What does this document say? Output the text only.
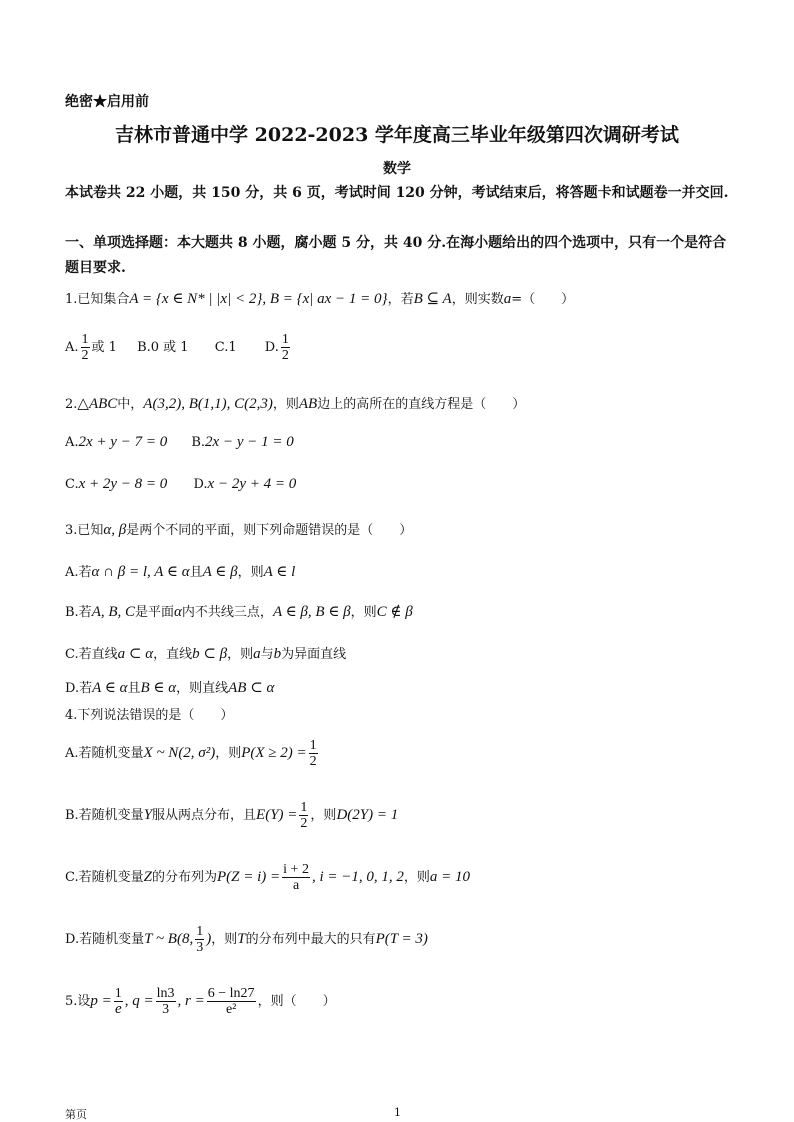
绝密★启用前
吉林市普通中学 2022-2023 学年度高三毕业年级第四次调研考试
数学
本试卷共 22 小题，共 150 分，共 6 页，考试时间 120 分钟，考试结束后，将答题卡和试题卷一并交回.
一、单项选择题：本大题共 8 小题，腐小题 5 分，共 40 分.在海小题给出的四个选项中，只有一个是符合题目要求.
1.已知集合A = {x ∈ N* | |x| < 2}, B = {x| ax − 1 = 0}，若B ⊆ A，则实数a=（　　）
A. $\frac{1}{2}$ 或 1 B.0 或 1 C.1 D. $\frac{1}{2}$
2.△ABC中，A(3,2), B(1,1), C(2,3)，则AB边上的高所在的直线方程是（　　）
A.2x + y − 7 = 0 B.2x − y − 1 = 0
C.x + 2y − 8 = 0 D.x − 2y + 4 = 0
3.已知α, β是两个不同的平面，则下列命题错误的是（　　）
A.若α ∩ β = l, A ∈ α且A ∈ β，则A ∈ l
B.若A, B, C是平面α内不共线三点，A ∈ β, B ∈ β，则C ∉ β
C.若直线a ⊂ α，直线b ⊂ β，则a与b为异面直线
D.若A ∈ α且B ∈ α，则直线AB ⊂ α
4.下列说法错误的是（　　）
A.若随机变量X ~ N(2, σ²)，则$P(X \ge 2) = \frac{1}{2}$
B.若随机变量Y服从两点分布，且$E(Y) = \frac{1}{2}$ ，则D(2Y) = 1
C.若随机变量Z的分布列为$P(Z = i) = \frac{i + 2}{a}$ , i = −1, 0, 1, 2，则a = 10
D.若随机变量T ~ B(8, $\frac{1}{3}$ )，则T的分布列中最大的只有P(T = 3)
5.设$p = \frac{1}{e}$ , $q = \frac{\ln 3}{3}$ , $r = \frac{6 - \ln 27}{\text{e²}}$ ，则（　　）
第页	1
